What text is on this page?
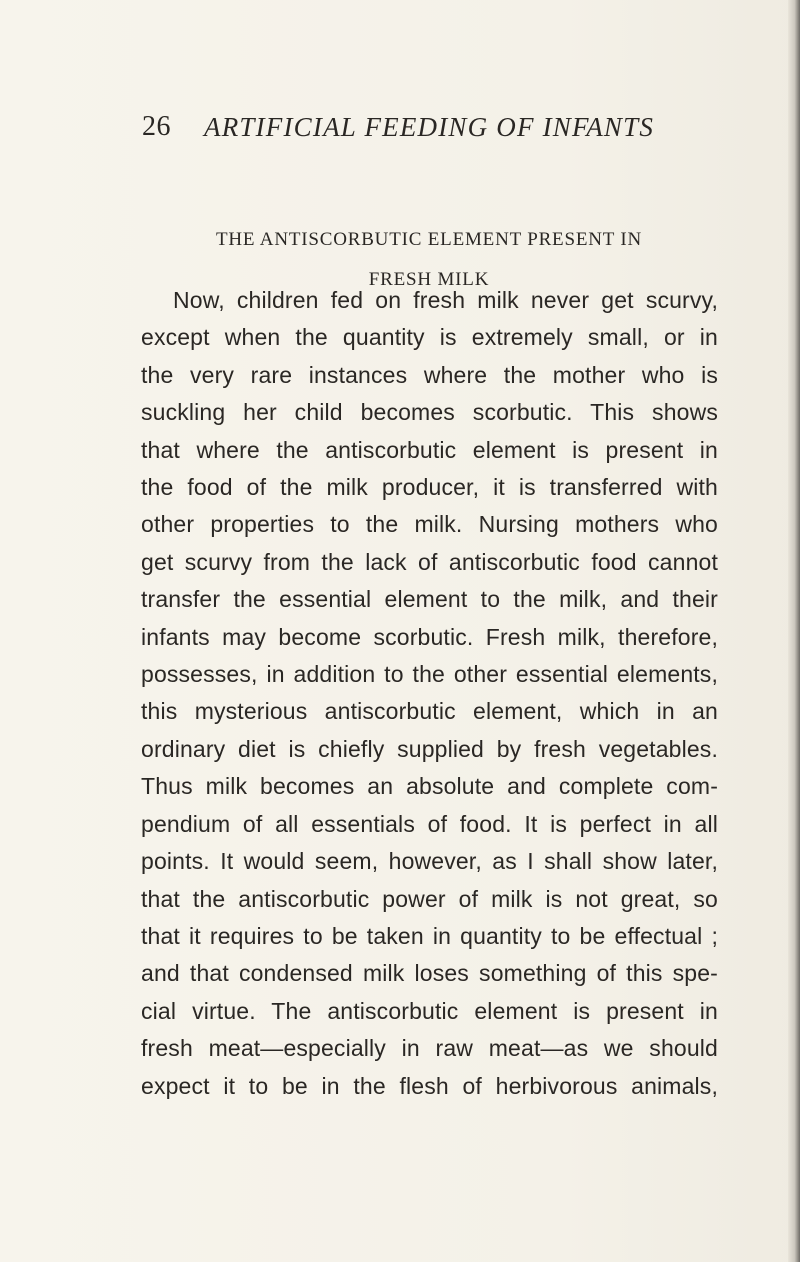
26 ARTIFICIAL FEEDING OF INFANTS
THE ANTISCORBUTIC ELEMENT PRESENT IN
FRESH MILK
Now, children fed on fresh milk never get scurvy,
except when the quantity is extremely small, or in
the very rare instances where the mother who is
suckling her child becomes scorbutic. This shows
that where the antiscorbutic element is present in
the food of the milk producer, it is transferred with
other properties to the milk. Nursing mothers who
get scurvy from the lack of antiscorbutic food cannot
transfer the essential element to the milk, and their
infants may become scorbutic. Fresh milk, therefore,
possesses, in addition to the other essential elements,
this mysterious antiscorbutic element, which in an
ordinary diet is chiefly supplied by fresh vegetables.
Thus milk becomes an absolute and complete com-
pendium of all essentials of food. It is perfect in all
points. It would seem, however, as I shall show later,
that the antiscorbutic power of milk is not great, so
that it requires to be taken in quantity to be effectual ;
and that condensed milk loses something of this spe-
cial virtue. The antiscorbutic element is present in
fresh meat—especially in raw meat—as we should
expect it to be in the flesh of herbivorous animals,
